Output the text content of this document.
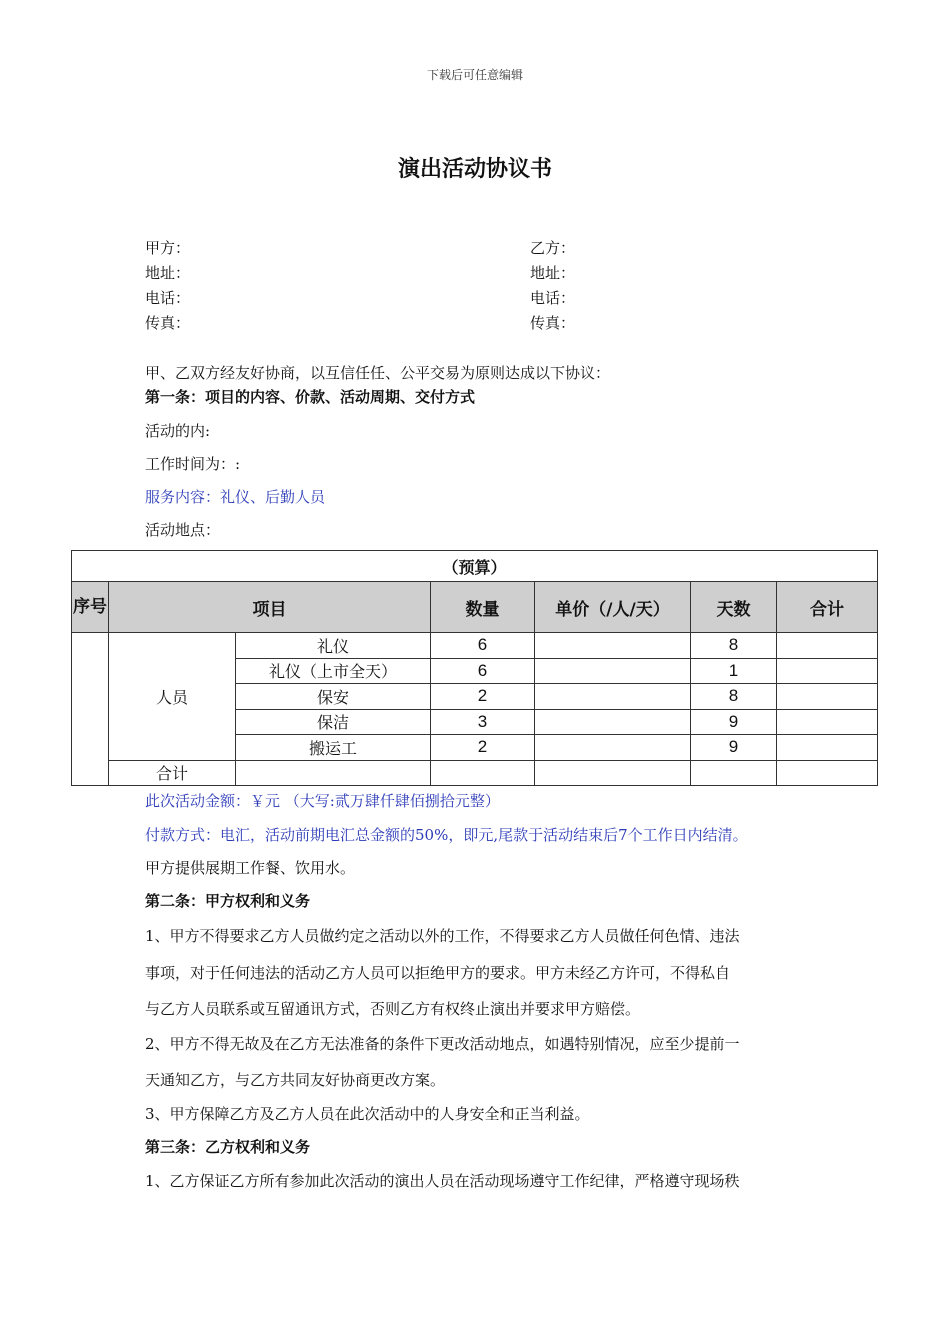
下载后可任意编辑
演出活动协议书
甲方：
地址：
电话：
传真：
乙方：
地址：
电话：
传真：
甲、乙双方经友好协商，以互信任任、公平交易为原则达成以下协议：
第一条：项目的内容、价款、活动周期、交付方式
活动的内:
工作时间为：:
服务内容：礼仪、后勤人员
活动地点：
（预算）						
序号	项目		数量	单价（/人/天）	天数	合计
	人员	礼仪	6		8	
		礼仪（上市全天）	6		1	
		保安	2		8	
		保洁	3		9	
		搬运工	2		9	
	合计					
此次活动金额：￥元 （大写:贰万肆仟肆佰捌拾元整）
付款方式：电汇，活动前期电汇总金额的50%，即元,尾款于活动结束后7个工作日内结清。
甲方提供展期工作餐、饮用水。
第二条：甲方权利和义务
1、甲方不得要求乙方人员做约定之活动以外的工作，不得要求乙方人员做任何色情、违法
事项，对于任何违法的活动乙方人员可以拒绝甲方的要求。甲方未经乙方许可，不得私自
与乙方人员联系或互留通讯方式，否则乙方有权终止演出并要求甲方赔偿。
2、甲方不得无故及在乙方无法准备的条件下更改活动地点，如遇特别情况，应至少提前一
天通知乙方，与乙方共同友好协商更改方案。
3、甲方保障乙方及乙方人员在此次活动中的人身安全和正当利益。
第三条：乙方权利和义务
1、乙方保证乙方所有参加此次活动的演出人员在活动现场遵守工作纪律，严格遵守现场秩
